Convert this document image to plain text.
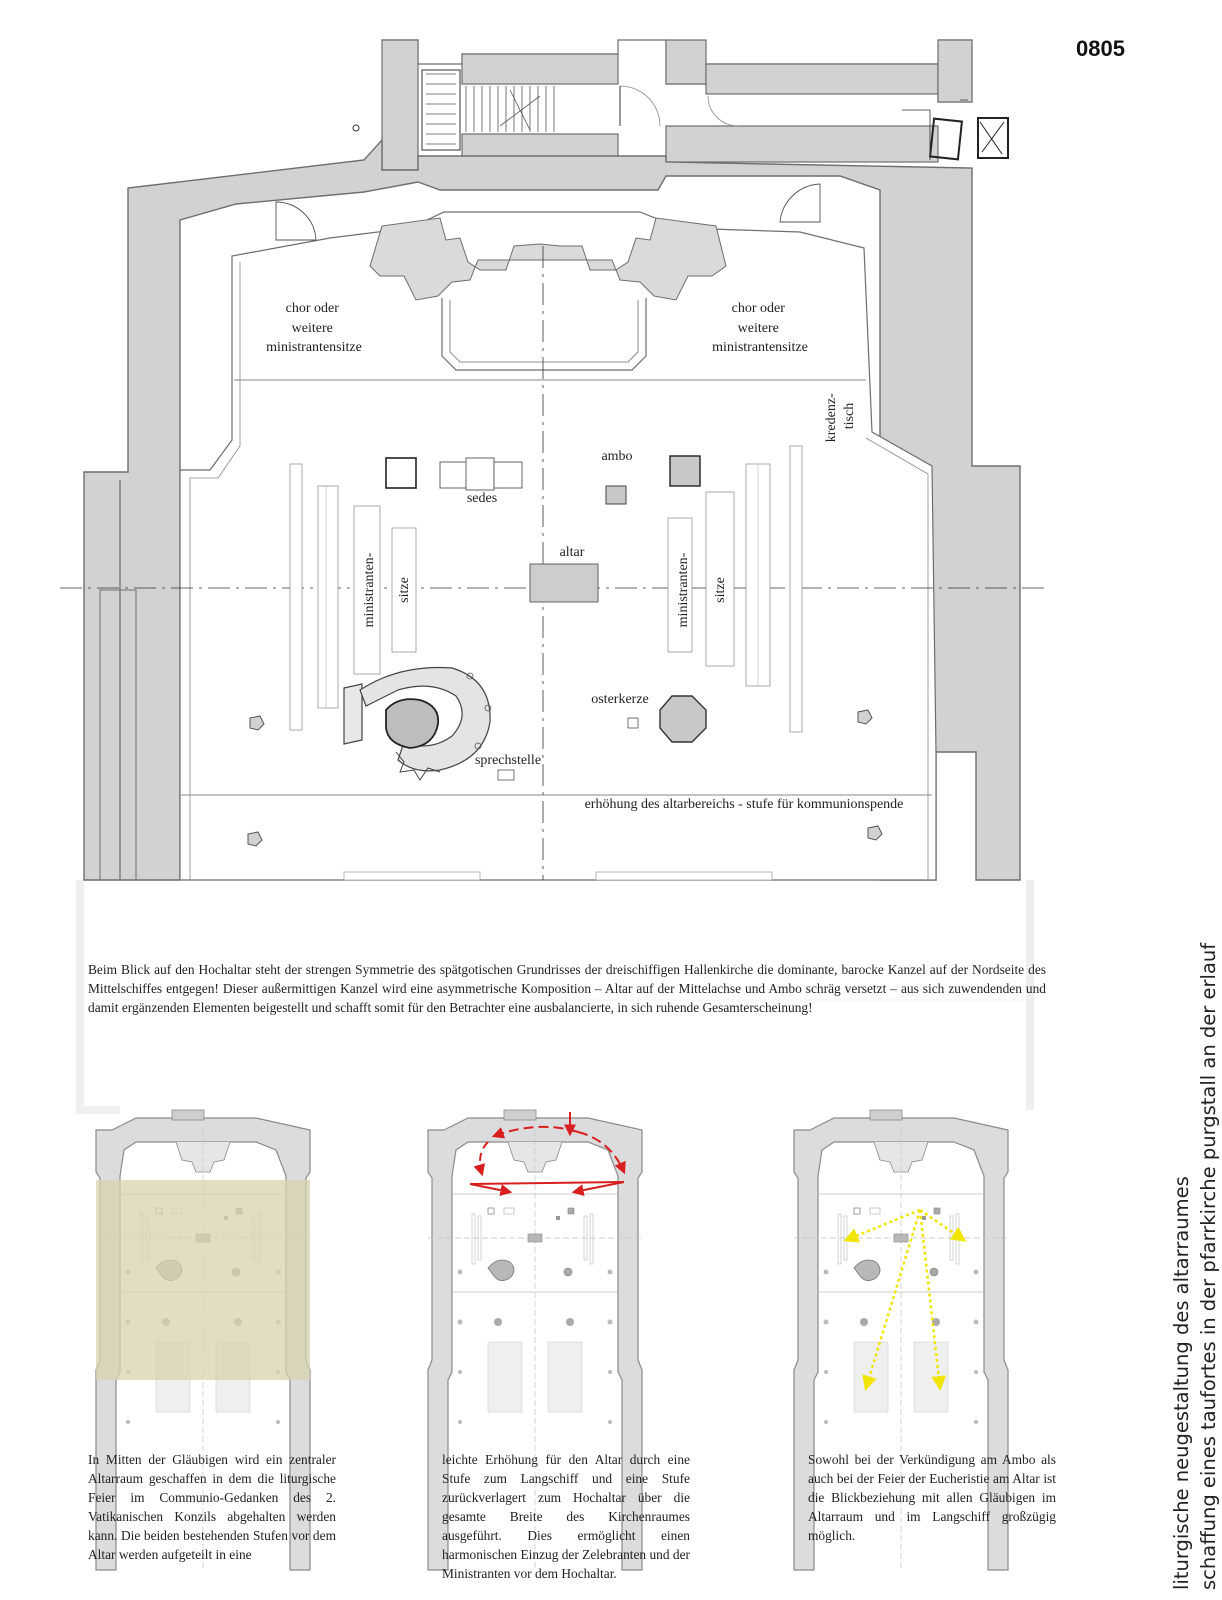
chor oder weitere ministrantensitze
chor oder weitere ministrantensitze
kredenz- tisch
ambo
sedes
altar
ministranten- sitze	ministranten- sitze
osterkerze
sprechstelle
erhöhung des altarbereichs - stufe für kommunionspende
0805

Beim Blick auf den Hochaltar steht der strengen Symmetrie des spätgotischen Grundrisses der dreischiffigen Hallenkirche die dominante, barocke Kanzel auf der Nordseite des Mittelschiffes entgegen! Dieser außermittigen Kanzel wird eine asymmetrische Komposition – Altar auf der Mittelachse und Ambo schräg versetzt – aus sich zuwendenden und damit ergänzenden Elementen beigestellt und schafft somit für den Betrachter eine ausbalancierte, in sich ruhende Gesamterscheinung!

In Mitten der Gläubigen wird ein zentraler Altarraum geschaffen in dem die liturgische Feier im Communio-Gedanken des 2. Vatikanischen Konzils abgehalten werden kann. Die beiden bestehenden Stufen vor dem Altar werden aufgeteilt in eine

leichte Erhöhung für den Altar durch eine Stufe zum Langschiff und eine Stufe zurückverlagert zum Hochaltar über die gesamte Breite des Kirchenraumes ausgeführt. Dies ermöglicht einen harmonischen Einzug der Zelebranten und der Ministranten vor dem Hochaltar.

Sowohl bei der Verkündigung am Ambo als auch bei der Feier der Eucheristie am Altar ist die Blickbeziehung mit allen Gläubigen im Altarraum und im Langschiff großzügig möglich.	liturgische neugestaltung des altarraumes schaffung eines taufortes in der pfarrkirche purgstall an der erlauf
